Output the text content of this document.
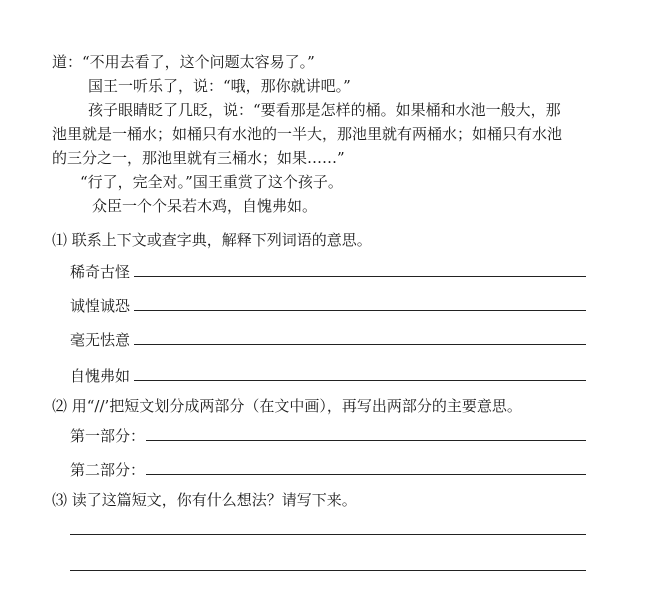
道：“不用去看了，这个问题太容易了。”
国王一听乐了，说：“哦，那你就讲吧。”
孩子眼睛眨了几眨，说：“要看那是怎样的桶。如果桶和水池一般大，那
池里就是一桶水；如桶只有水池的一半大，那池里就有两桶水；如桶只有水池
的三分之一，那池里就有三桶水；如果……”
“行了，完全对。”国王重赏了这个孩子。
众臣一个个呆若木鸡，自愧弗如。
⑴ 联系上下文或查字典，解释下列词语的意思。
稀奇古怪
诚惶诚恐
毫无怯意
自愧弗如
⑵ 用“//’把短文划分成两部分（在文中画），再写出两部分的主要意思。
第一部分：
第二部分：
⑶ 读了这篇短文，你有什么想法？请写下来。
